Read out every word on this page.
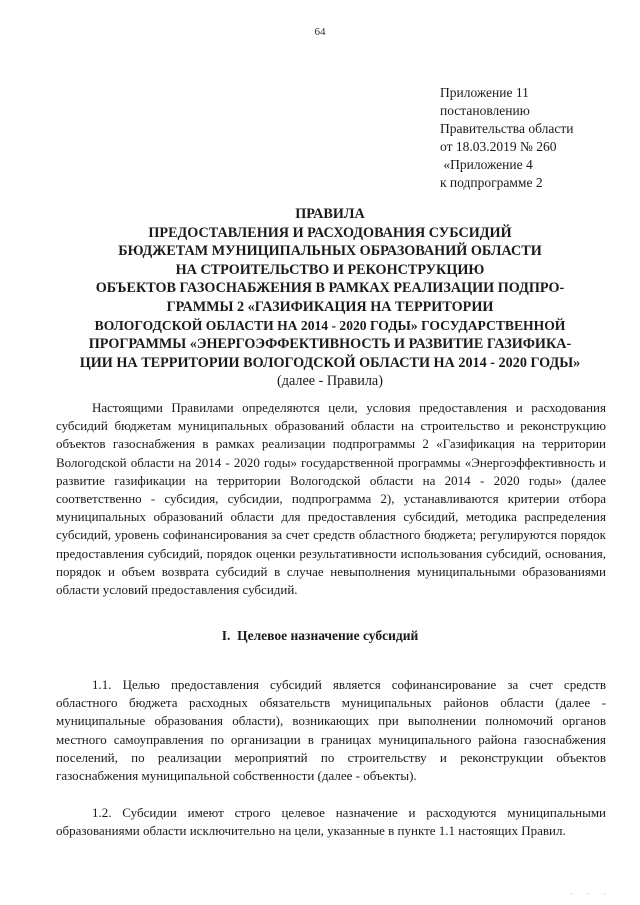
64
Приложение 11
постановлению
Правительства области
от 18.03.2019 № 260
«Приложение 4
к подпрограмме 2
ПРАВИЛА
ПРЕДОСТАВЛЕНИЯ И РАСХОДОВАНИЯ СУБСИДИЙ
БЮДЖЕТАМ МУНИЦИПАЛЬНЫХ ОБРАЗОВАНИЙ ОБЛАСТИ
НА СТРОИТЕЛЬСТВО И РЕКОНСТРУКЦИЮ
ОБЪЕКТОВ ГАЗОСНАБЖЕНИЯ В РАМКАХ РЕАЛИЗАЦИИ ПОДПРО-
ГРАММЫ 2 «ГАЗИФИКАЦИЯ НА ТЕРРИТОРИИ
ВОЛОГОДСКОЙ ОБЛАСТИ НА 2014 - 2020 ГОДЫ» ГОСУДАРСТВЕННОЙ
ПРОГРАММЫ «ЭНЕРГОЭФФЕКТИВНОСТЬ И РАЗВИТИЕ ГАЗИФИКА-
ЦИИ НА ТЕРРИТОРИИ ВОЛОГОДСКОЙ ОБЛАСТИ НА 2014 - 2020 ГОДЫ»
(далее - Правила)

Настоящими Правилами определяются цели, условия предоставления и расходования субсидий бюджетам муниципальных образований области на строительство и реконструкцию объектов газоснабжения в рамках реализации подпрограммы 2 «Газификация на территории Вологодской области на 2014 - 2020 годы» государственной программы «Энергоэффективность и развитие газификации на территории Вологодской области на 2014 - 2020 годы» (далее соответственно - субсидия, субсидии, подпрограмма 2), устанавливаются критерии отбора муниципальных образований области для предоставления субсидий, методика распределения субсидий, уровень софинансирования за счет средств областного бюджета; регулируются порядок предоставления субсидий, порядок оценки результативности использования субсидий, основания, порядок и объем возврата субсидий в случае невыполнения муниципальными образованиями области условий предоставления субсидий.

I.  Целевое назначение субсидий

1.1. Целью предоставления субсидий является софинансирование за счет средств областного бюджета расходных обязательств муниципальных районов области (далее - муниципальные образования области), возникающих при выполнении полномочий органов местного самоуправления по организации в границах муниципального района газоснабжения поселений, по реализации мероприятий по строительству и реконструкции объектов газоснабжения муниципальной собственности (далее - объекты).

1.2. Субсидии имеют строго целевое назначение и расходуются муниципальными образованиями области исключительно на цели, указанные в пункте 1.1 настоящих Правил.

· · ·
